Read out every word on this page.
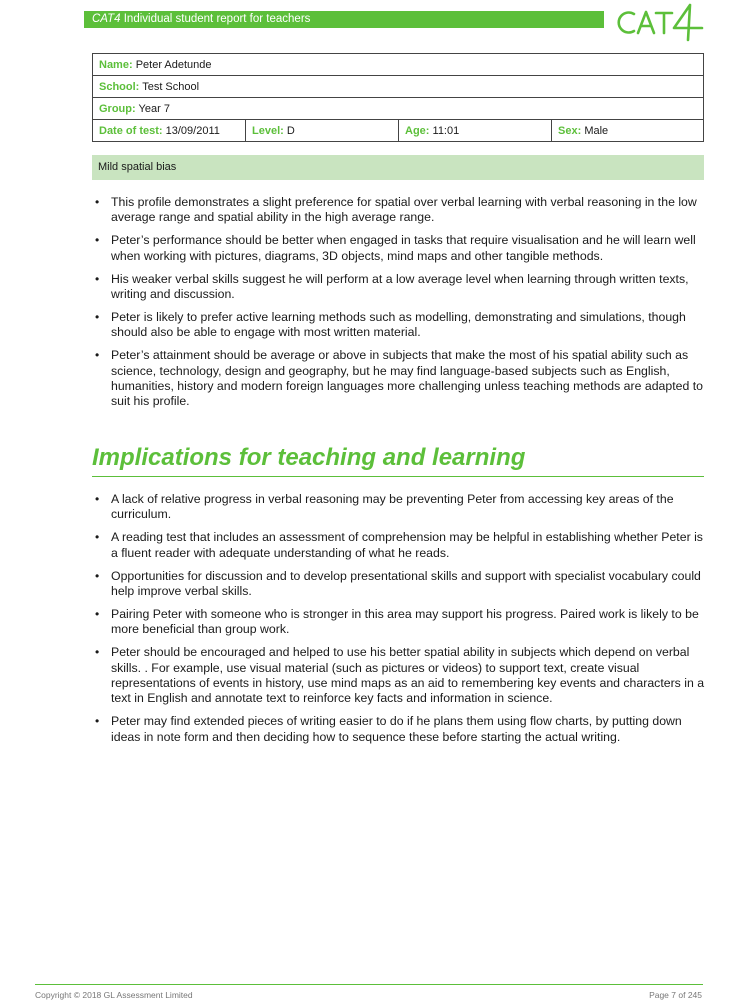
CAT4 Individual student report for teachers
Name: Peter Adetunde
School: Test School
Group: Year 7
Date of test: 13/09/2011	Level: D	Age: 11:01	Sex: Male
Mild spatial bias
• This profile demonstrates a slight preference for spatial over verbal learning with verbal reasoning in the low average range and spatial ability in the high average range.
• Peter’s performance should be better when engaged in tasks that require visualisation and he will learn well when working with pictures, diagrams, 3D objects, mind maps and other tangible methods.
• His weaker verbal skills suggest he will perform at a low average level when learning through written texts, writing and discussion.
• Peter is likely to prefer active learning methods such as modelling, demonstrating and simulations, though should also be able to engage with most written material.
• Peter’s attainment should be average or above in subjects that make the most of his spatial ability such as science, technology, design and geography, but he may find language-based subjects such as English, humanities, history and modern foreign languages more challenging unless teaching methods are adapted to suit his profile.
Implications for teaching and learning
• A lack of relative progress in verbal reasoning may be preventing Peter from accessing key areas of the curriculum.
• A reading test that includes an assessment of comprehension may be helpful in establishing whether Peter is a fluent reader with adequate understanding of what he reads.
• Opportunities for discussion and to develop presentational skills and support with specialist vocabulary could help improve verbal skills.
• Pairing Peter with someone who is stronger in this area may support his progress. Paired work is likely to be more beneficial than group work.
• Peter should be encouraged and helped to use his better spatial ability in subjects which depend on verbal skills. . For example, use visual material (such as pictures or videos) to support text, create visual representations of events in history, use mind maps as an aid to remembering key events and characters in a text in English and annotate text to reinforce key facts and information in science.
• Peter may find extended pieces of writing easier to do if he plans them using flow charts, by putting down ideas in note form and then deciding how to sequence these before starting the actual writing.
Copyright © 2018 GL Assessment Limited	Page 7 of 245
